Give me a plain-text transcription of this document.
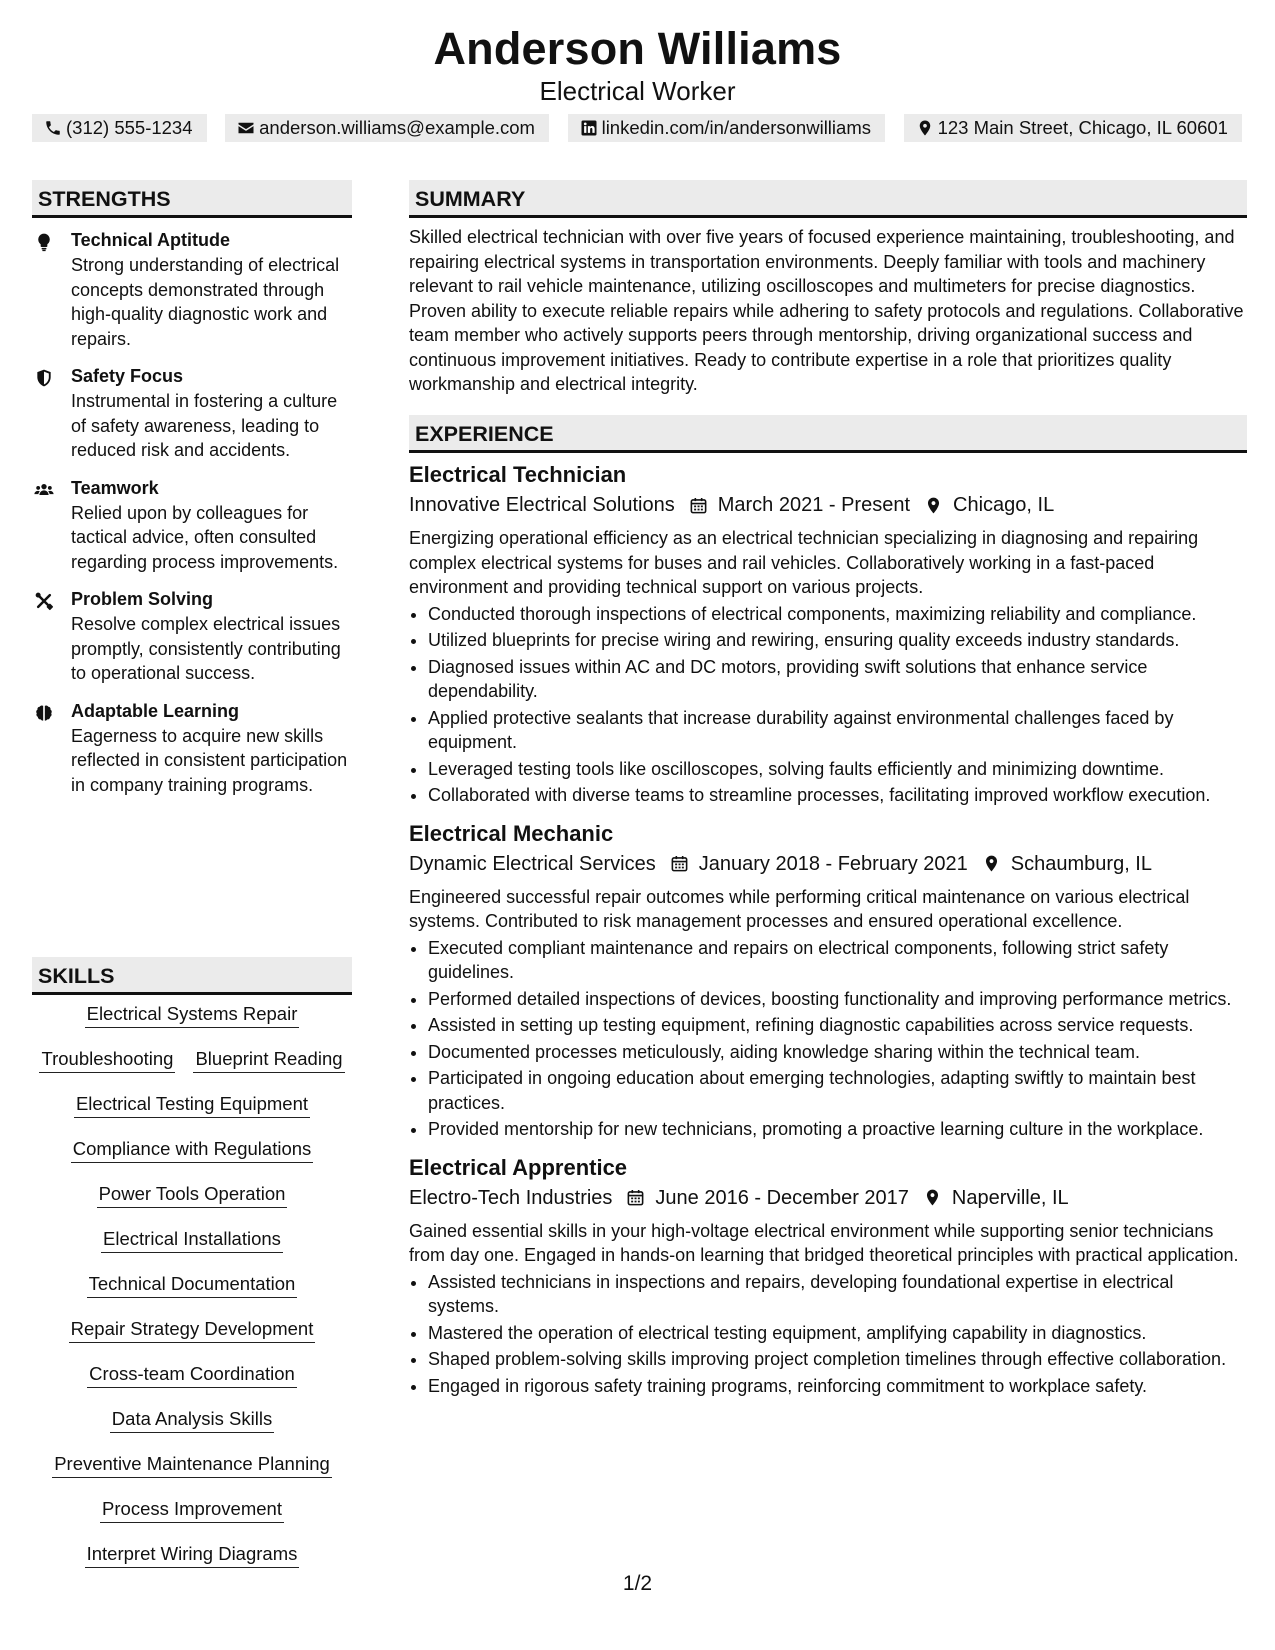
Anderson Williams
Electrical Worker
(312) 555-1234	anderson.williams@example.com	linkedin.com/in/andersonwilliams	123 Main Street, Chicago, IL 60601
STRENGTHS
Technical Aptitude
Strong understanding of electrical concepts demonstrated through high-quality diagnostic work and repairs.
Safety Focus
Instrumental in fostering a culture of safety awareness, leading to reduced risk and accidents.
Teamwork
Relied upon by colleagues for tactical advice, often consulted regarding process improvements.
Problem Solving
Resolve complex electrical issues promptly, consistently contributing to operational success.
Adaptable Learning
Eagerness to acquire new skills reflected in consistent participation in company training programs.
SKILLS
Electrical Systems Repair
Troubleshooting Blueprint Reading
Electrical Testing Equipment
Compliance with Regulations
Power Tools Operation
Electrical Installations
Technical Documentation
Repair Strategy Development
Cross-team Coordination
Data Analysis Skills
Preventive Maintenance Planning
Process Improvement
Interpret Wiring Diagrams
SUMMARY
Skilled electrical technician with over five years of focused experience maintaining, troubleshooting, and repairing electrical systems in transportation environments. Deeply familiar with tools and machinery relevant to rail vehicle maintenance, utilizing oscilloscopes and multimeters for precise diagnostics. Proven ability to execute reliable repairs while adhering to safety protocols and regulations. Collaborative team member who actively supports peers through mentorship, driving organizational success and continuous improvement initiatives. Ready to contribute expertise in a role that prioritizes quality workmanship and electrical integrity.
EXPERIENCE
Electrical Technician
Innovative Electrical Solutions March 2021 - Present Chicago, IL
Energizing operational efficiency as an electrical technician specializing in diagnosing and repairing complex electrical systems for buses and rail vehicles. Collaboratively working in a fast-paced environment and providing technical support on various projects.
• Conducted thorough inspections of electrical components, maximizing reliability and compliance.
• Utilized blueprints for precise wiring and rewiring, ensuring quality exceeds industry standards.
• Diagnosed issues within AC and DC motors, providing swift solutions that enhance service dependability.
• Applied protective sealants that increase durability against environmental challenges faced by equipment.
• Leveraged testing tools like oscilloscopes, solving faults efficiently and minimizing downtime.
• Collaborated with diverse teams to streamline processes, facilitating improved workflow execution.
Electrical Mechanic
Dynamic Electrical Services January 2018 - February 2021 Schaumburg, IL
Engineered successful repair outcomes while performing critical maintenance on various electrical systems. Contributed to risk management processes and ensured operational excellence.
• Executed compliant maintenance and repairs on electrical components, following strict safety guidelines.
• Performed detailed inspections of devices, boosting functionality and improving performance metrics.
• Assisted in setting up testing equipment, refining diagnostic capabilities across service requests.
• Documented processes meticulously, aiding knowledge sharing within the technical team.
• Participated in ongoing education about emerging technologies, adapting swiftly to maintain best practices.
• Provided mentorship for new technicians, promoting a proactive learning culture in the workplace.
Electrical Apprentice
Electro-Tech Industries June 2016 - December 2017 Naperville, IL
Gained essential skills in your high-voltage electrical environment while supporting senior technicians from day one. Engaged in hands-on learning that bridged theoretical principles with practical application.
• Assisted technicians in inspections and repairs, developing foundational expertise in electrical systems.
• Mastered the operation of electrical testing equipment, amplifying capability in diagnostics.
• Shaped problem-solving skills improving project completion timelines through effective collaboration.
• Engaged in rigorous safety training programs, reinforcing commitment to workplace safety.
1/2
